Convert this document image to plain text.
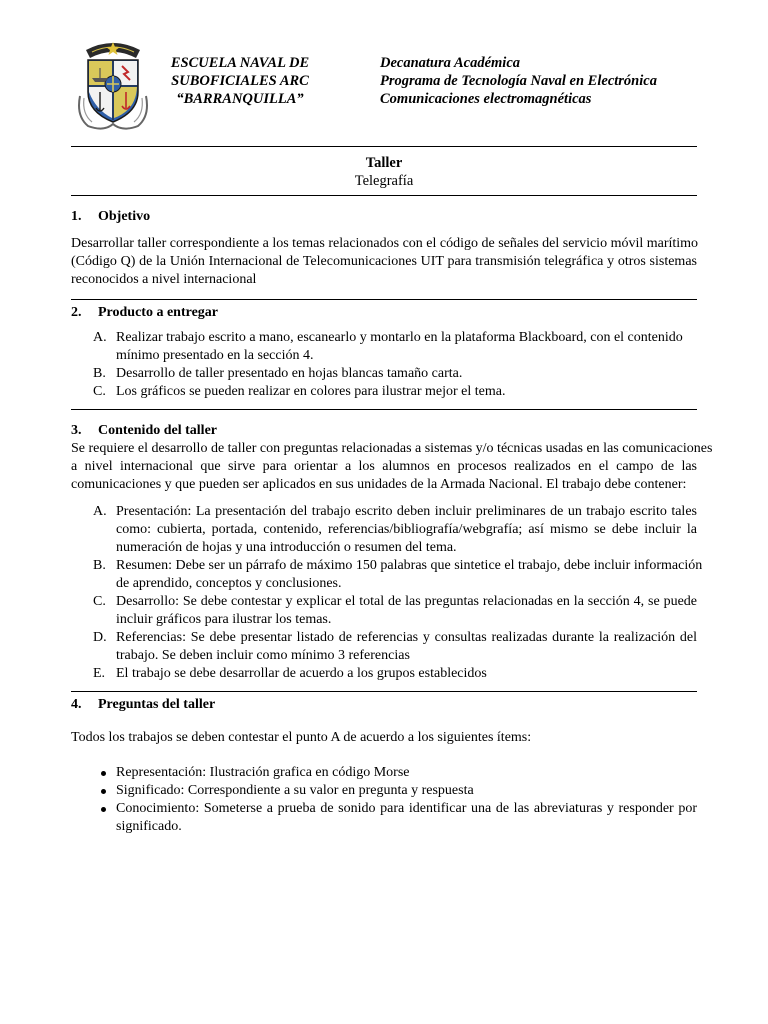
ESCUELA NAVAL DE
SUBOFICIALES ARC
“BARRANQUILLA”
Decanatura Académica
Programa de Tecnología Naval en Electrónica
Comunicaciones electromagnéticas
Taller
Telegrafía
1. Objetivo
Desarrollar taller correspondiente a los temas relacionados con el código de señales del servicio móvil marítimo
(Código Q) de la Unión Internacional de Telecomunicaciones UIT para transmisión telegráfica y otros sistemas
reconocidos a nivel internacional
2. Producto a entregar
A. Realizar trabajo escrito a mano, escanearlo y montarlo en la plataforma Blackboard, con el contenido
mínimo presentado en la sección 4.
B. Desarrollo de taller presentado en hojas blancas tamaño carta.
C. Los gráficos se pueden realizar en colores para ilustrar mejor el tema.
3. Contenido del taller
Se requiere el desarrollo de taller con preguntas relacionadas a sistemas y/o técnicas usadas en las comunicaciones
a nivel internacional que sirve para orientar a los alumnos en procesos realizados en el campo de las
comunicaciones y que pueden ser aplicados en sus unidades de la Armada Nacional. El trabajo debe contener:
A. Presentación: La presentación del trabajo escrito deben incluir preliminares de un trabajo escrito tales
como: cubierta, portada, contenido, referencias/bibliografía/webgrafía; así mismo se debe incluir la
numeración de hojas y una introducción o resumen del tema.
B. Resumen: Debe ser un párrafo de máximo 150 palabras que sintetice el trabajo, debe incluir información
de aprendido, conceptos y conclusiones.
C. Desarrollo: Se debe contestar y explicar el total de las preguntas relacionadas en la sección 4, se puede
incluir gráficos para ilustrar los temas.
D. Referencias: Se debe presentar listado de referencias y consultas realizadas durante la realización del
trabajo. Se deben incluir como mínimo 3 referencias
E. El trabajo se debe desarrollar de acuerdo a los grupos establecidos
4. Preguntas del taller
Todos los trabajos se deben contestar el punto A de acuerdo a los siguientes ítems:
Representación: Ilustración grafica en código Morse
Significado: Correspondiente a su valor en pregunta y respuesta
Conocimiento: Someterse a prueba de sonido para identificar una de las abreviaturas y responder por
significado.
